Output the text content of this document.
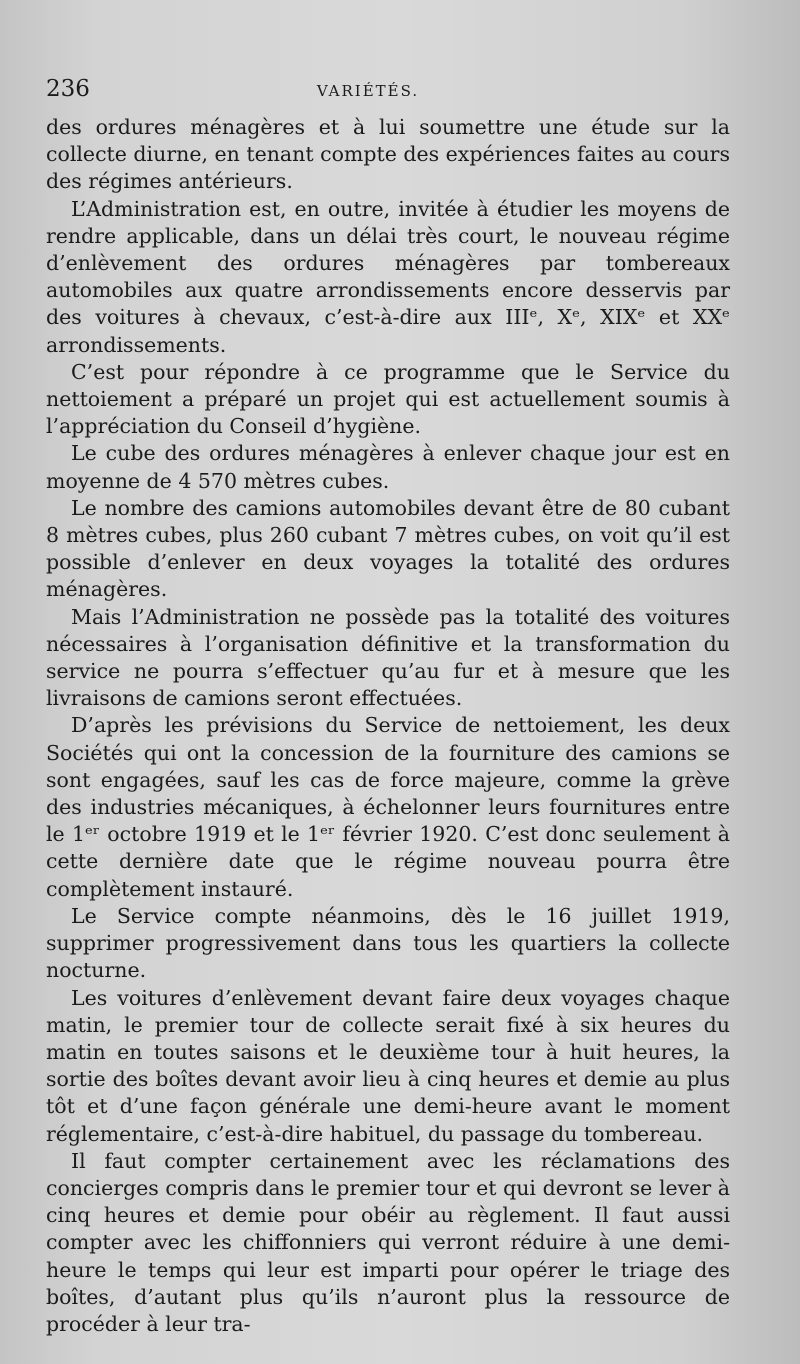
236	VARIÉTÉS.

des ordures ménagères et à lui soumettre une étude sur la collecte diurne, en tenant compte des expériences faites au cours des régimes antérieurs.

L’Administration est, en outre, invitée à étudier les moyens de rendre applicable, dans un délai très court, le nouveau régime d’enlèvement des ordures ménagères par tombereaux automobiles aux quatre arrondissements encore desservis par des voitures à chevaux, c’est-à-dire aux IIIᵉ, Xᵉ, XIXᵉ et XXᵉ arrondissements.

C’est pour répondre à ce programme que le Service du nettoiement a préparé un projet qui est actuellement soumis à l’appréciation du Conseil d’hygiène.

Le cube des ordures ménagères à enlever chaque jour est en moyenne de 4 570 mètres cubes.

Le nombre des camions automobiles devant être de 80 cubant 8 mètres cubes, plus 260 cubant 7 mètres cubes, on voit qu’il est possible d’enlever en deux voyages la totalité des ordures ménagères.

Mais l’Administration ne possède pas la totalité des voitures nécessaires à l’organisation définitive et la transformation du service ne pourra s’effectuer qu’au fur et à mesure que les livraisons de camions seront effectuées.

D’après les prévisions du Service de nettoiement, les deux Sociétés qui ont la concession de la fourniture des camions se sont engagées, sauf les cas de force majeure, comme la grève des industries mécaniques, à échelonner leurs fournitures entre le 1ᵉʳ octobre 1919 et le 1ᵉʳ février 1920. C’est donc seulement à cette dernière date que le régime nouveau pourra être complètement instauré.

Le Service compte néanmoins, dès le 16 juillet 1919, supprimer progressivement dans tous les quartiers la collecte nocturne.

Les voitures d’enlèvement devant faire deux voyages chaque matin, le premier tour de collecte serait fixé à six heures du matin en toutes saisons et le deuxième tour à huit heures, la sortie des boîtes devant avoir lieu à cinq heures et demie au plus tôt et d’une façon générale une demi-heure avant le moment réglementaire, c’est-à-dire habituel, du passage du tombereau.

Il faut compter certainement avec les réclamations des concierges compris dans le premier tour et qui devront se lever à cinq heures et demie pour obéir au règlement. Il faut aussi compter avec les chiffonniers qui verront réduire à une demi-heure le temps qui leur est imparti pour opérer le triage des boîtes, d’autant plus qu’ils n’auront plus la ressource de procéder à leur tra-
